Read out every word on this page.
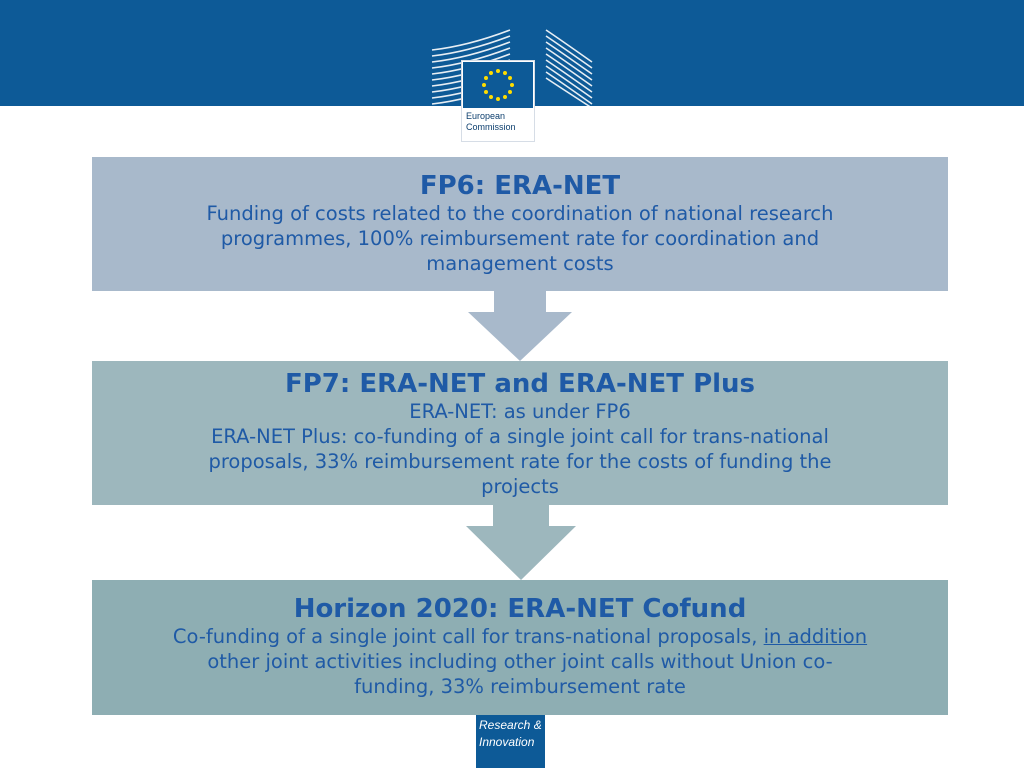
European
Commission
FP6: ERA-NET
Funding of costs related to the coordination of national research
programmes, 100% reimbursement rate for coordination and
management costs
FP7: ERA-NET and ERA-NET Plus
ERA-NET: as under FP6
ERA-NET Plus: co-funding of a single joint call for trans-national
proposals, 33% reimbursement rate for the costs of funding the
projects
Horizon 2020: ERA-NET Cofund
Co-funding of a single joint call for trans-national proposals, in addition
other joint activities including other joint calls without Union co-
funding, 33% reimbursement rate
Research &
Innovation
